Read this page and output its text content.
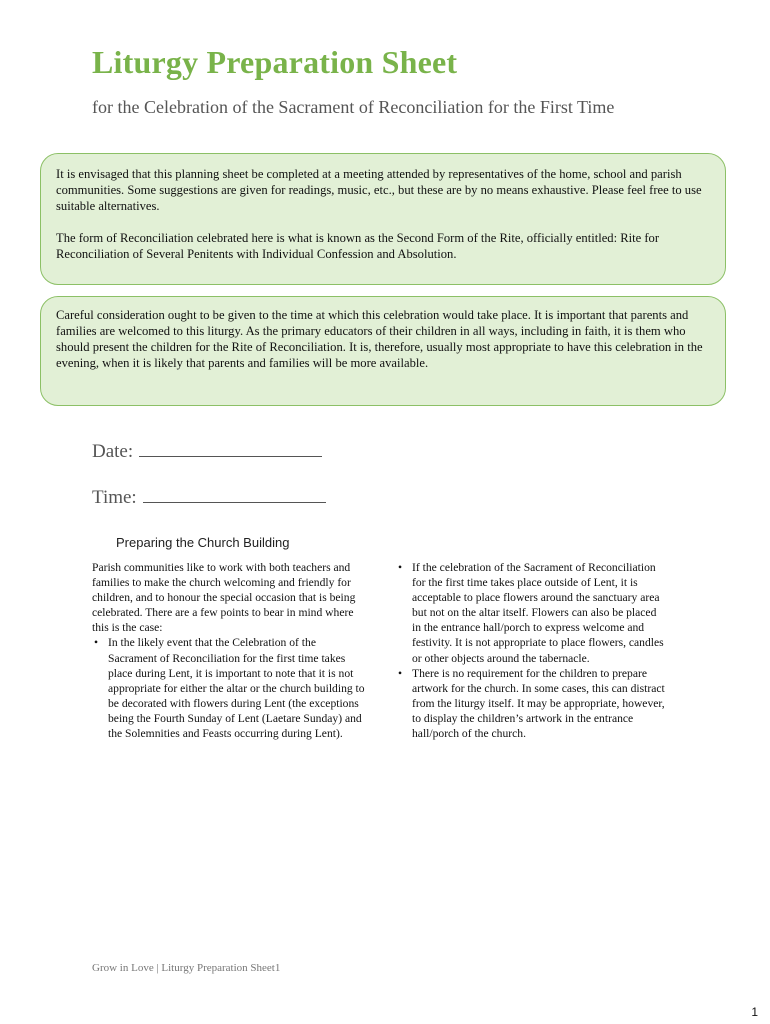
Liturgy Preparation Sheet

for the Celebration of the Sacrament of Reconciliation for the First Time

It is envisaged that this planning sheet be completed at a meeting attended by representatives of the home, school and parish communities. Some suggestions are given for readings, music, etc., but these are by no means exhaustive. Please feel free to use suitable alternatives.

The form of Reconciliation celebrated here is what is known as the Second Form of the Rite, officially entitled: Rite for Reconciliation of Several Penitents with Individual Confession and Absolution.

Careful consideration ought to be given to the time at which this celebration would take place. It is important that parents and families are welcomed to this liturgy. As the primary educators of their children in all ways, including in faith, it is them who should present the children for the Rite of Reconciliation. It is, therefore, usually most appropriate to have this celebration in the evening, when it is likely that parents and families will be more available.

Date:
Time:
Preparing the Church Building

Parish communities like to work with both teachers and families to make the church welcoming and friendly for children, and to honour the special occasion that is being celebrated. There are a few points to bear in mind where this is the case:

• In the likely event that the Celebration of the Sacrament of Reconciliation for the first time takes place during Lent, it is important to note that it is not appropriate for either the altar or the church building to be decorated with flowers during Lent (the exceptions being the Fourth Sunday of Lent (Laetare Sunday) and the Solemnities and Feasts occurring during Lent).
• If the celebration of the Sacrament of Reconciliation for the first time takes place outside of Lent, it is acceptable to place flowers around the sanctuary area but not on the altar itself. Flowers can also be placed in the entrance hall/porch to express welcome and festivity. It is not appropriate to place flowers, candles or other objects around the tabernacle.
• There is no requirement for the children to prepare artwork for the church. In some cases, this can distract from the liturgy itself. It may be appropriate, however, to display the children’s artwork in the entrance hall/porch of the church.
Grow in Love | Liturgy Preparation Sheet1
1
